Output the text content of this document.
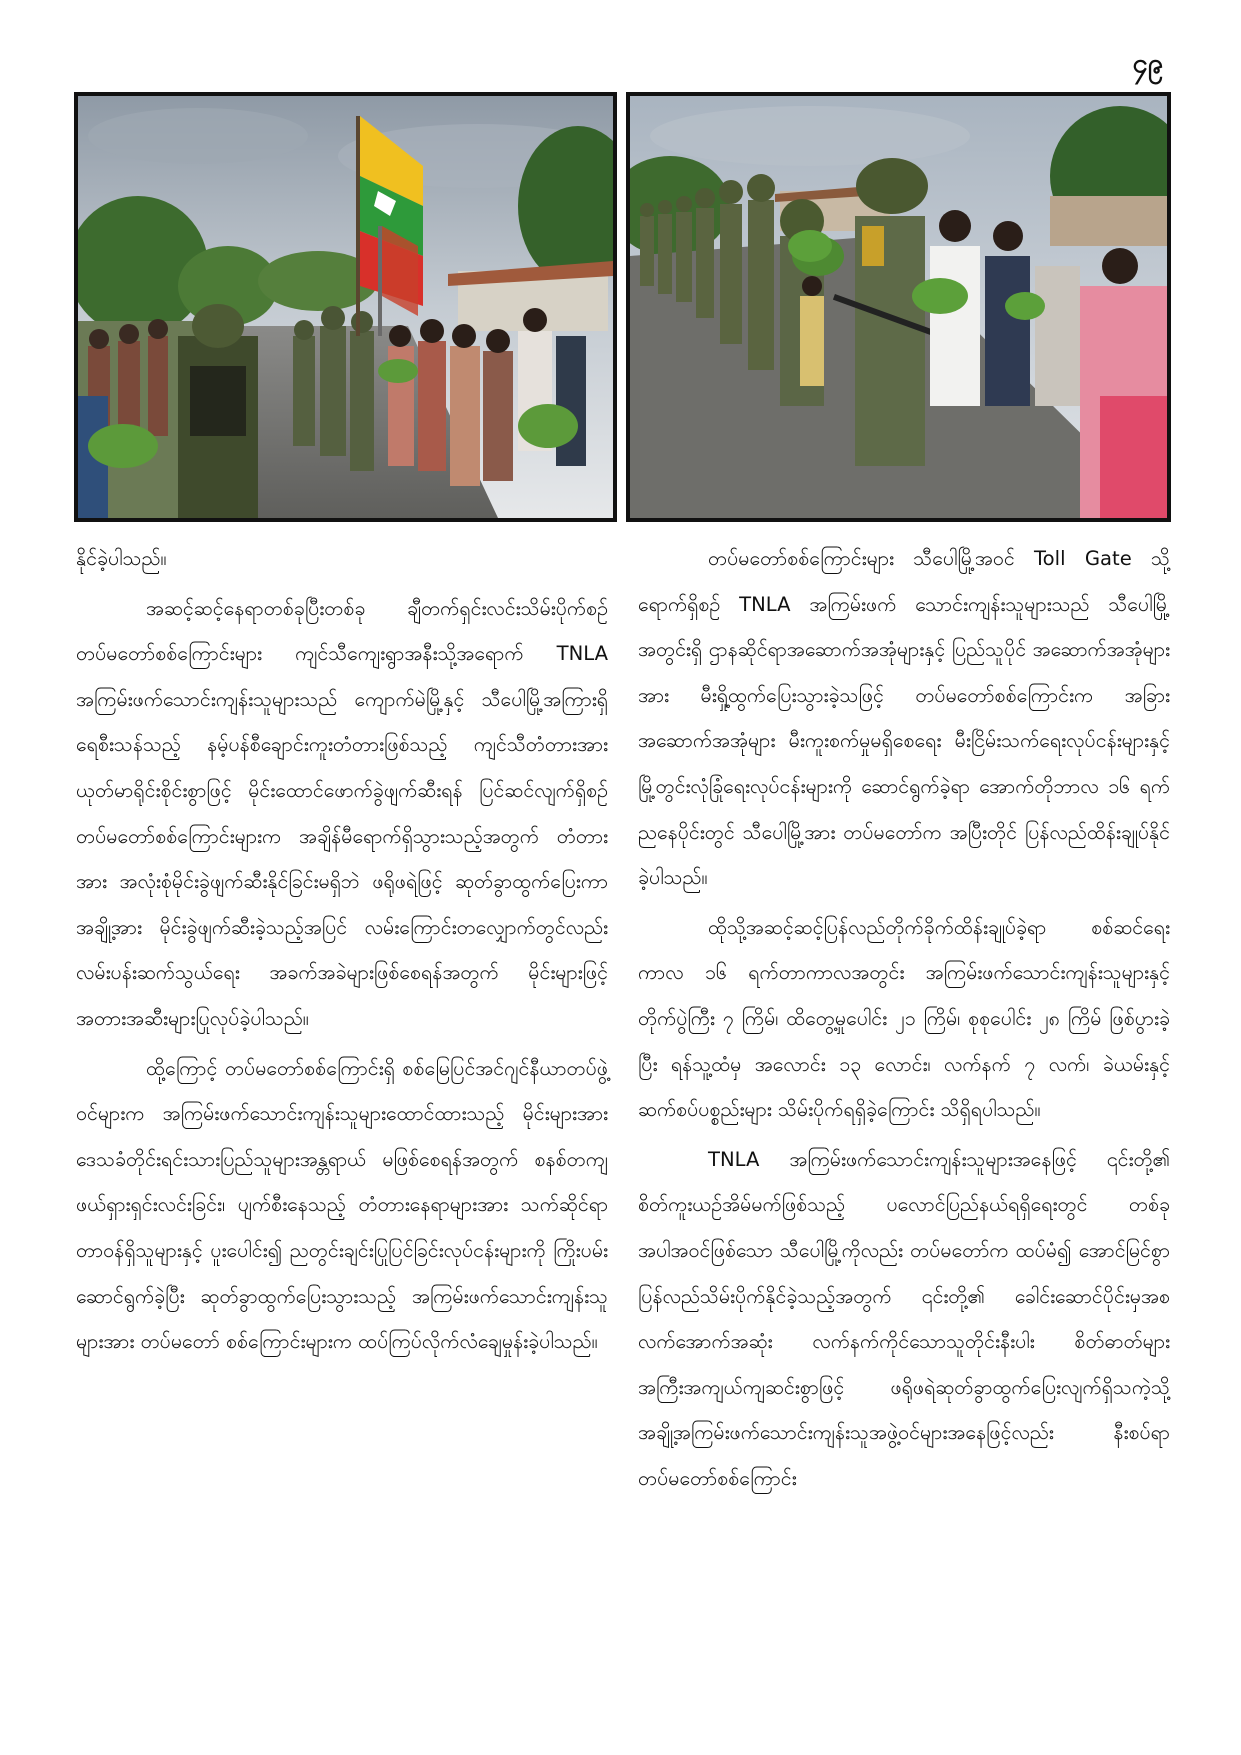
၄၉

နိုင်ခဲ့ပါသည်။

အဆင့်ဆင့်နေရာတစ်ခုပြီးတစ်ခု ချီတက်ရှင်းလင်းသိမ်းပိုက်စဉ် တပ်မတော်စစ်ကြောင်းများ ကျင်သီကျေးရွာအနီးသို့အရောက် TNLA အကြမ်းဖက်သောင်းကျန်းသူများသည် ကျောက်မဲမြို့နှင့် သီပေါမြို့အကြားရှိ ရေစီးသန်သည့် နမ့်ပန်စီချောင်းကူးတံတားဖြစ်သည့် ကျင်သီတံတားအား ယုတ်မာရိုင်းစိုင်းစွာဖြင့် မိုင်းထောင်ဖောက်ခွဲဖျက်ဆီးရန် ပြင်ဆင်လျက်ရှိစဉ် တပ်မတော်စစ်ကြောင်းများက အချိန်မီရောက်ရှိသွားသည့်အတွက် တံတားအား အလုံးစုံမိုင်းခွဲဖျက်ဆီးနိုင်ခြင်းမရှိဘဲ ဖရိုဖရဲဖြင့် ဆုတ်ခွာထွက်ပြေးကာ အချို့အား မိုင်းခွဲဖျက်ဆီးခဲ့သည့်အပြင် လမ်းကြောင်းတလျှောက်တွင်လည်း လမ်းပန်းဆက်သွယ်ရေး အခက်အခဲများဖြစ်စေရန်အတွက် မိုင်းများဖြင့် အတားအဆီးများပြုလုပ်ခဲ့ပါသည်။

ထို့ကြောင့် တပ်မတော်စစ်ကြောင်းရှိ စစ်မြေပြင်အင်ဂျင်နီယာတပ်ဖွဲ့ဝင်များက အကြမ်းဖက်သောင်းကျန်းသူများထောင်ထားသည့် မိုင်းများအား ဒေသခံတိုင်းရင်းသားပြည်သူများအန္တရာယ် မဖြစ်စေရန်အတွက် စနစ်တကျ ဖယ်ရှားရှင်းလင်းခြင်း၊ ပျက်စီးနေသည့် တံတားနေရာများအား သက်ဆိုင်ရာ တာဝန်ရှိသူများနှင့် ပူးပေါင်း၍ ညတွင်းချင်းပြုပြင်ခြင်းလုပ်ငန်းများကို ကြိုးပမ်းဆောင်ရွက်ခဲ့ပြီး ဆုတ်ခွာထွက်ပြေးသွားသည့် အကြမ်းဖက်သောင်းကျန်းသူများအား တပ်မတော် စစ်ကြောင်းများက ထပ်ကြပ်လိုက်လံချေမှုန်းခဲ့ပါသည်။

တပ်မတော်စစ်ကြောင်းများ သီပေါမြို့အဝင် Toll Gate သို့ ရောက်ရှိစဉ် TNLA အကြမ်းဖက် သောင်းကျန်းသူများသည် သီပေါမြို့အတွင်းရှိ ဌာနဆိုင်ရာအဆောက်အအုံများနှင့် ပြည်သူပိုင် အဆောက်အအုံများအား မီးရှို့ထွက်ပြေးသွားခဲ့သဖြင့် တပ်မတော်စစ်ကြောင်းက အခြားအဆောက်အအုံများ မီးကူးစက်မှုမရှိစေရေး မီးငြိမ်းသက်ရေးလုပ်ငန်းများနှင့် မြို့တွင်းလုံခြုံရေးလုပ်ငန်းများကို ဆောင်ရွက်ခဲ့ရာ အောက်တိုဘာလ ၁၆ ရက် ညနေပိုင်းတွင် သီပေါမြို့အား တပ်မတော်က အပြီးတိုင် ပြန်လည်ထိန်းချုပ်နိုင်ခဲ့ပါသည်။

ထိုသို့အဆင့်ဆင့်ပြန်လည်တိုက်ခိုက်ထိန်းချုပ်ခဲ့ရာ စစ်ဆင်ရေးကာလ ၁၆ ရက်တာကာလအတွင်း အကြမ်းဖက်သောင်းကျန်းသူများနှင့် တိုက်ပွဲကြီး ၇ ကြိမ်၊ ထိတွေ့မှုပေါင်း ၂၁ ကြိမ်၊ စုစုပေါင်း ၂၈ ကြိမ် ဖြစ်ပွားခဲ့ပြီး ရန်သူ့ထံမှ အလောင်း ၁၃ လောင်း၊ လက်နက် ၇ လက်၊ ခဲယမ်းနှင့် ဆက်စပ်ပစ္စည်းများ သိမ်းပိုက်ရရှိခဲ့ကြောင်း သိရှိရပါသည်။

TNLA အကြမ်းဖက်သောင်းကျန်းသူများအနေဖြင့် ၎င်းတို့၏ စိတ်ကူးယဉ်အိမ်မက်ဖြစ်သည့် ပလောင်ပြည်နယ်ရရှိရေးတွင် တစ်ခုအပါအဝင်ဖြစ်သော သီပေါမြို့ကိုလည်း တပ်မတော်က ထပ်မံ၍ အောင်မြင်စွာ ပြန်လည်သိမ်းပိုက်နိုင်ခဲ့သည့်အတွက် ၎င်းတို့၏ ခေါင်းဆောင်ပိုင်းမှအစ လက်အောက်အဆုံး လက်နက်ကိုင်သောသူတိုင်းနီးပါး စိတ်ဓာတ်များ အကြီးအကျယ်ကျဆင်းစွာဖြင့် ဖရိုဖရဲဆုတ်ခွာထွက်ပြေးလျက်ရှိသကဲ့သို့ အချို့အကြမ်းဖက်သောင်းကျန်းသူအဖွဲ့ဝင်များအနေဖြင့်လည်း နီးစပ်ရာတပ်မတော်စစ်ကြောင်း
